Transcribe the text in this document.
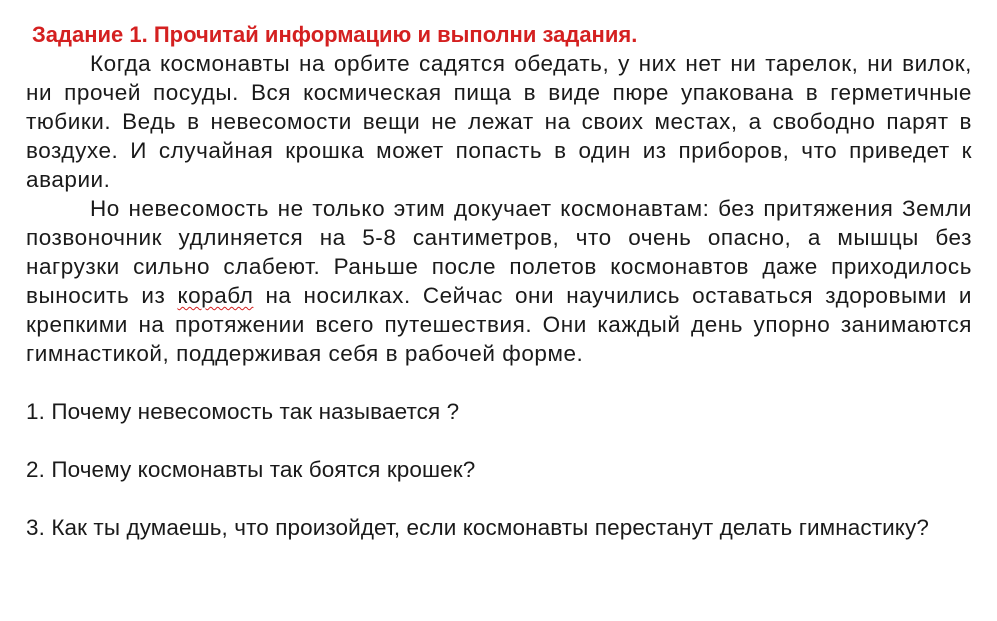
Задание 1. Прочитай информацию и выполни задания.

Когда космонавты на орбите садятся обедать, у них нет ни тарелок, ни вилок, ни прочей посуды. Вся космическая пища в виде пюре упакована в герметичные тюбики. Ведь в невесомости вещи не лежат на своих местах, а свободно парят в воздухе. И случайная крошка может попасть в один из приборов, что приведет к аварии.

Но невесомость не только этим докучает космонавтам: без притяжения Земли позвоночник удлиняется на 5-8 сантиметров, что очень опасно, а мышцы без нагрузки сильно слабеют. Раньше после полетов космонавтов даже приходилось выносить из корабл на носилках. Сейчас они научились оставаться здоровыми и крепкими на протяжении всего путешествия. Они каждый день упорно занимаются гимнастикой, поддерживая себя в рабочей форме.

1. Почему невесомость так называется ?

2. Почему космонавты так боятся крошек?

3. Как ты думаешь, что произойдет, если космонавты перестанут делать гимнастику?
